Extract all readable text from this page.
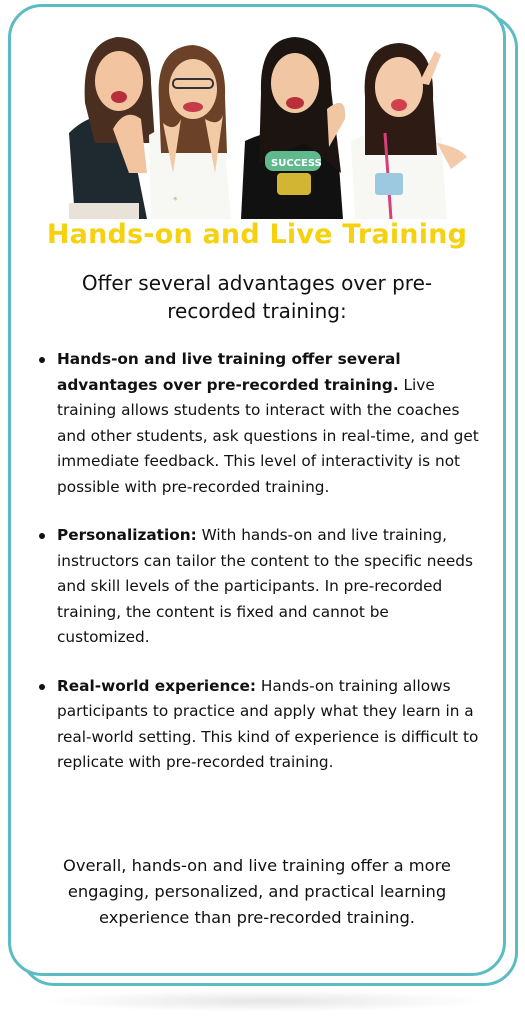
*
SUCCESS
Hands-on and Live Training
Offer several advantages over pre-recorded training:
Hands-on and live training offer several advantages over pre-recorded training. Live training allows students to interact with the coaches and other students, ask questions in real-time, and get immediate feedback. This level of interactivity is not possible with pre-recorded training.
Personalization: With hands-on and live training, instructors can tailor the content to the specific needs and skill levels of the participants. In pre-recorded training, the content is fixed and cannot be customized.
Real-world experience: Hands-on training allows participants to practice and apply what they learn in a real-world setting. This kind of experience is difficult to replicate with pre-recorded training.
Overall, hands-on and live training offer a more engaging, personalized, and practical learning experience than pre-recorded training.
